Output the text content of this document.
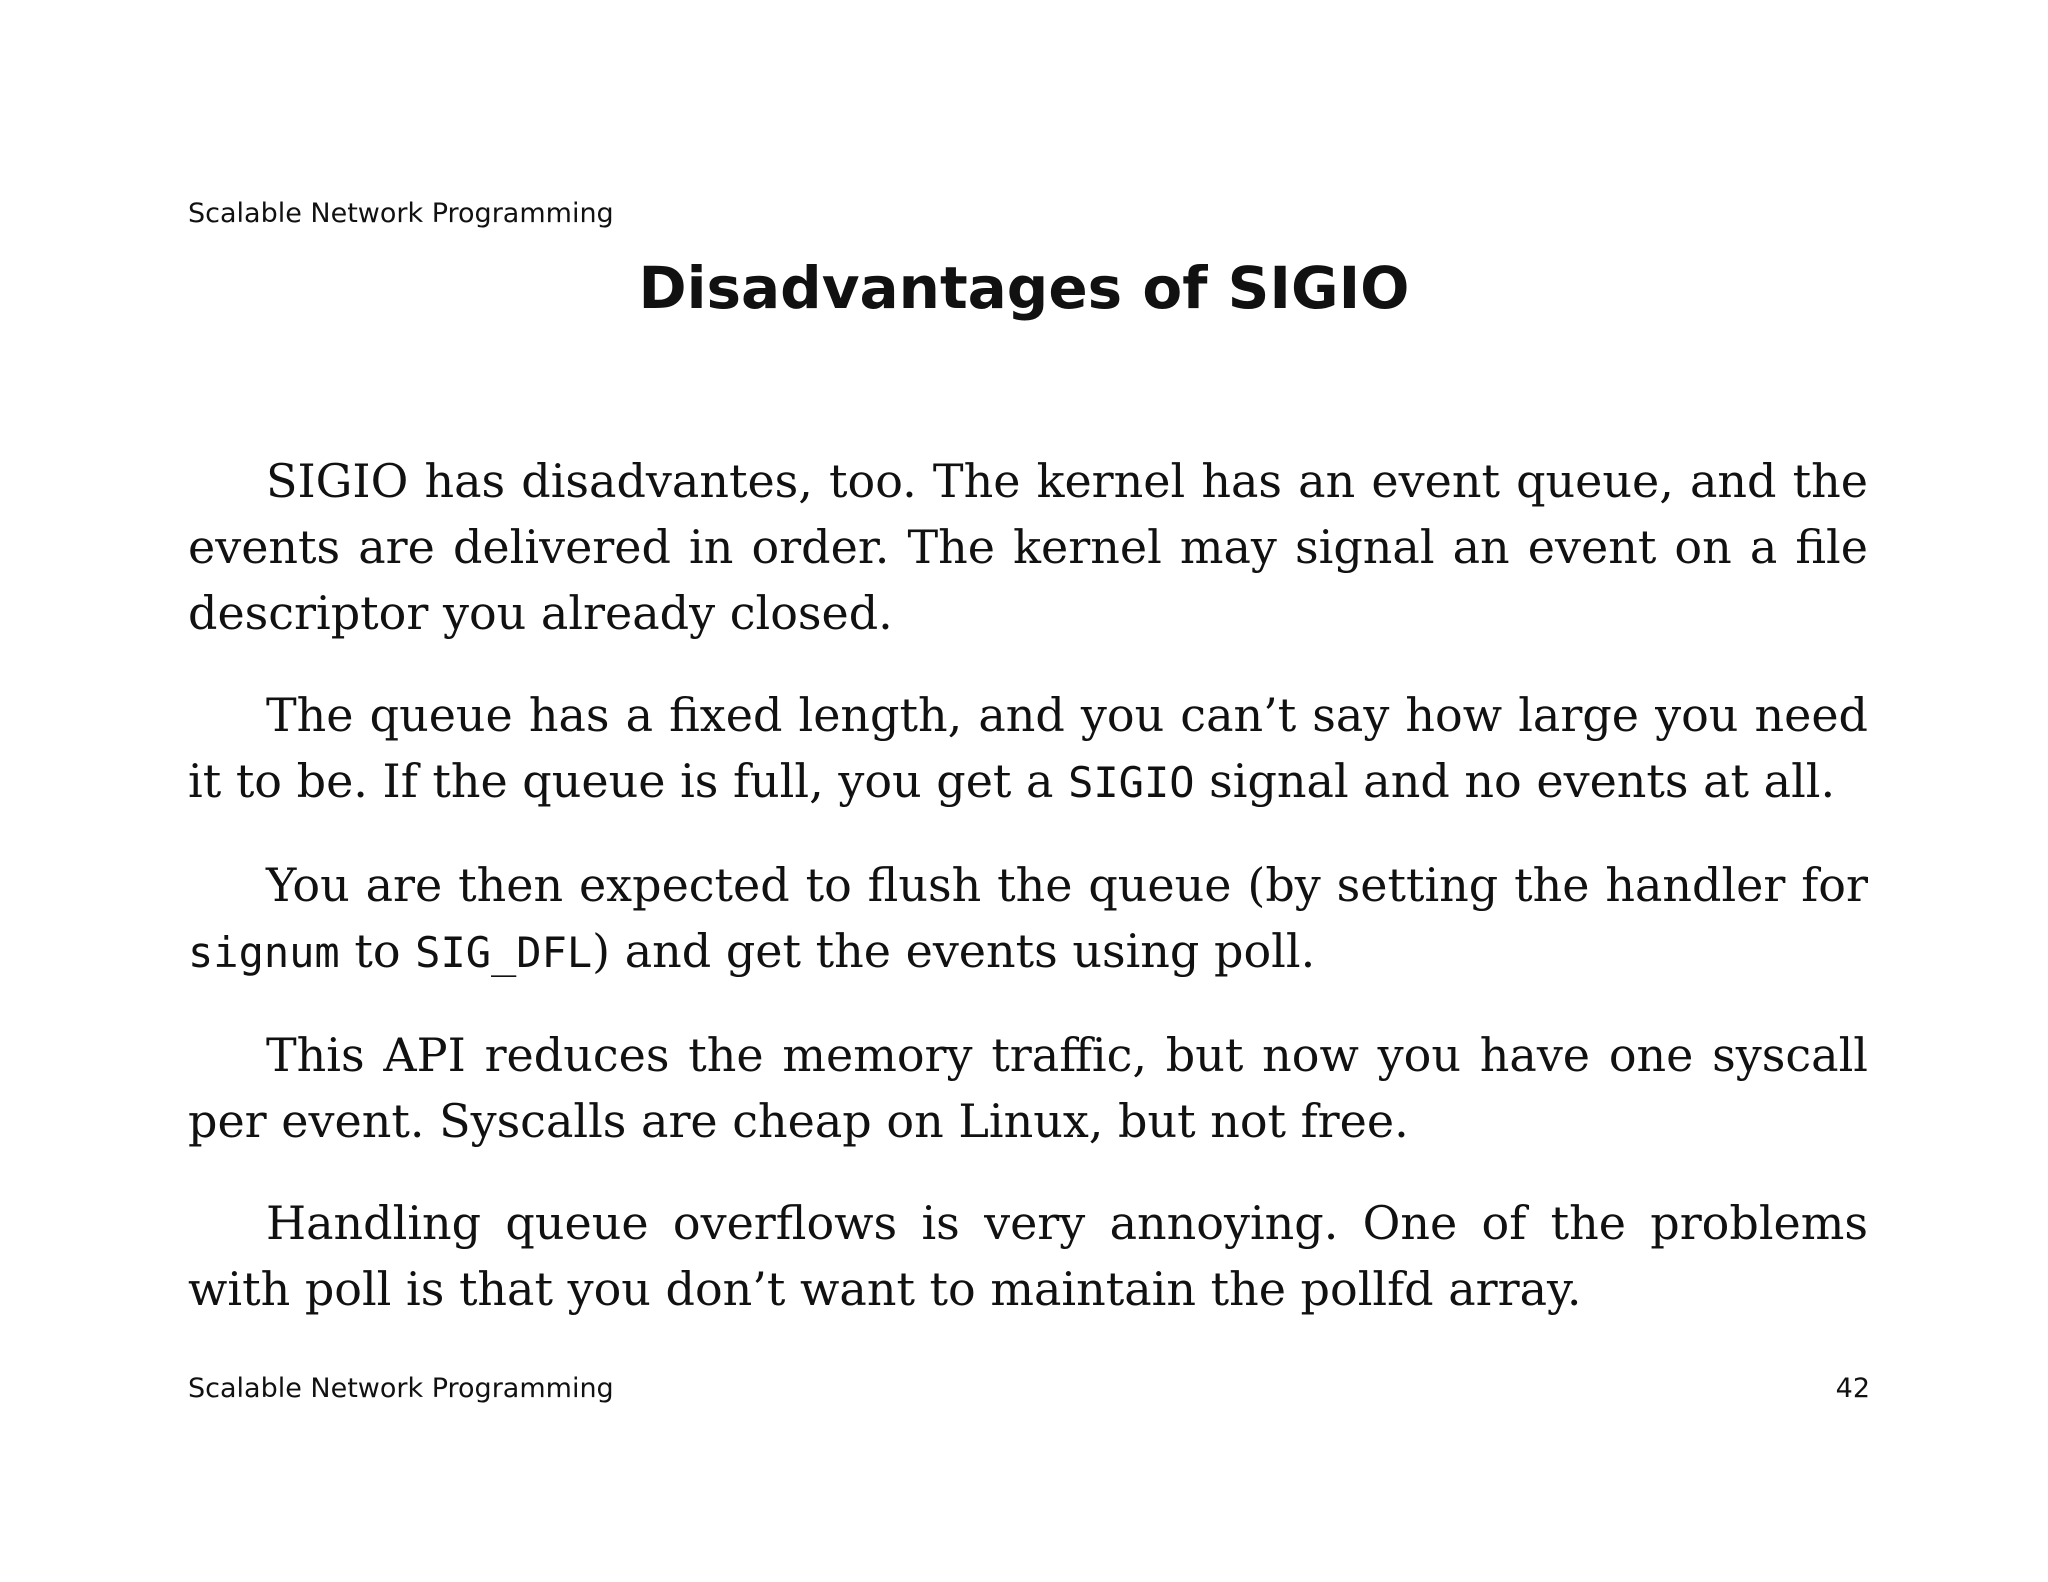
Scalable Network Programming
Disadvantages of SIGIO

SIGIO has disadvantes, too. The kernel has an event queue, and the events are delivered in order. The kernel may signal an event on a file descriptor you already closed.

The queue has a fixed length, and you can’t say how large you need it to be. If the queue is full, you get a SIGIO signal and no events at all.

You are then expected to flush the queue (by setting the handler for signum to SIG_DFL) and get the events using poll.

This API reduces the memory traffic, but now you have one syscall per event. Syscalls are cheap on Linux, but not free.

Handling queue overflows is very annoying. One of the problems with poll is that you don’t want to maintain the pollfd array.

Scalable Network Programming	42
